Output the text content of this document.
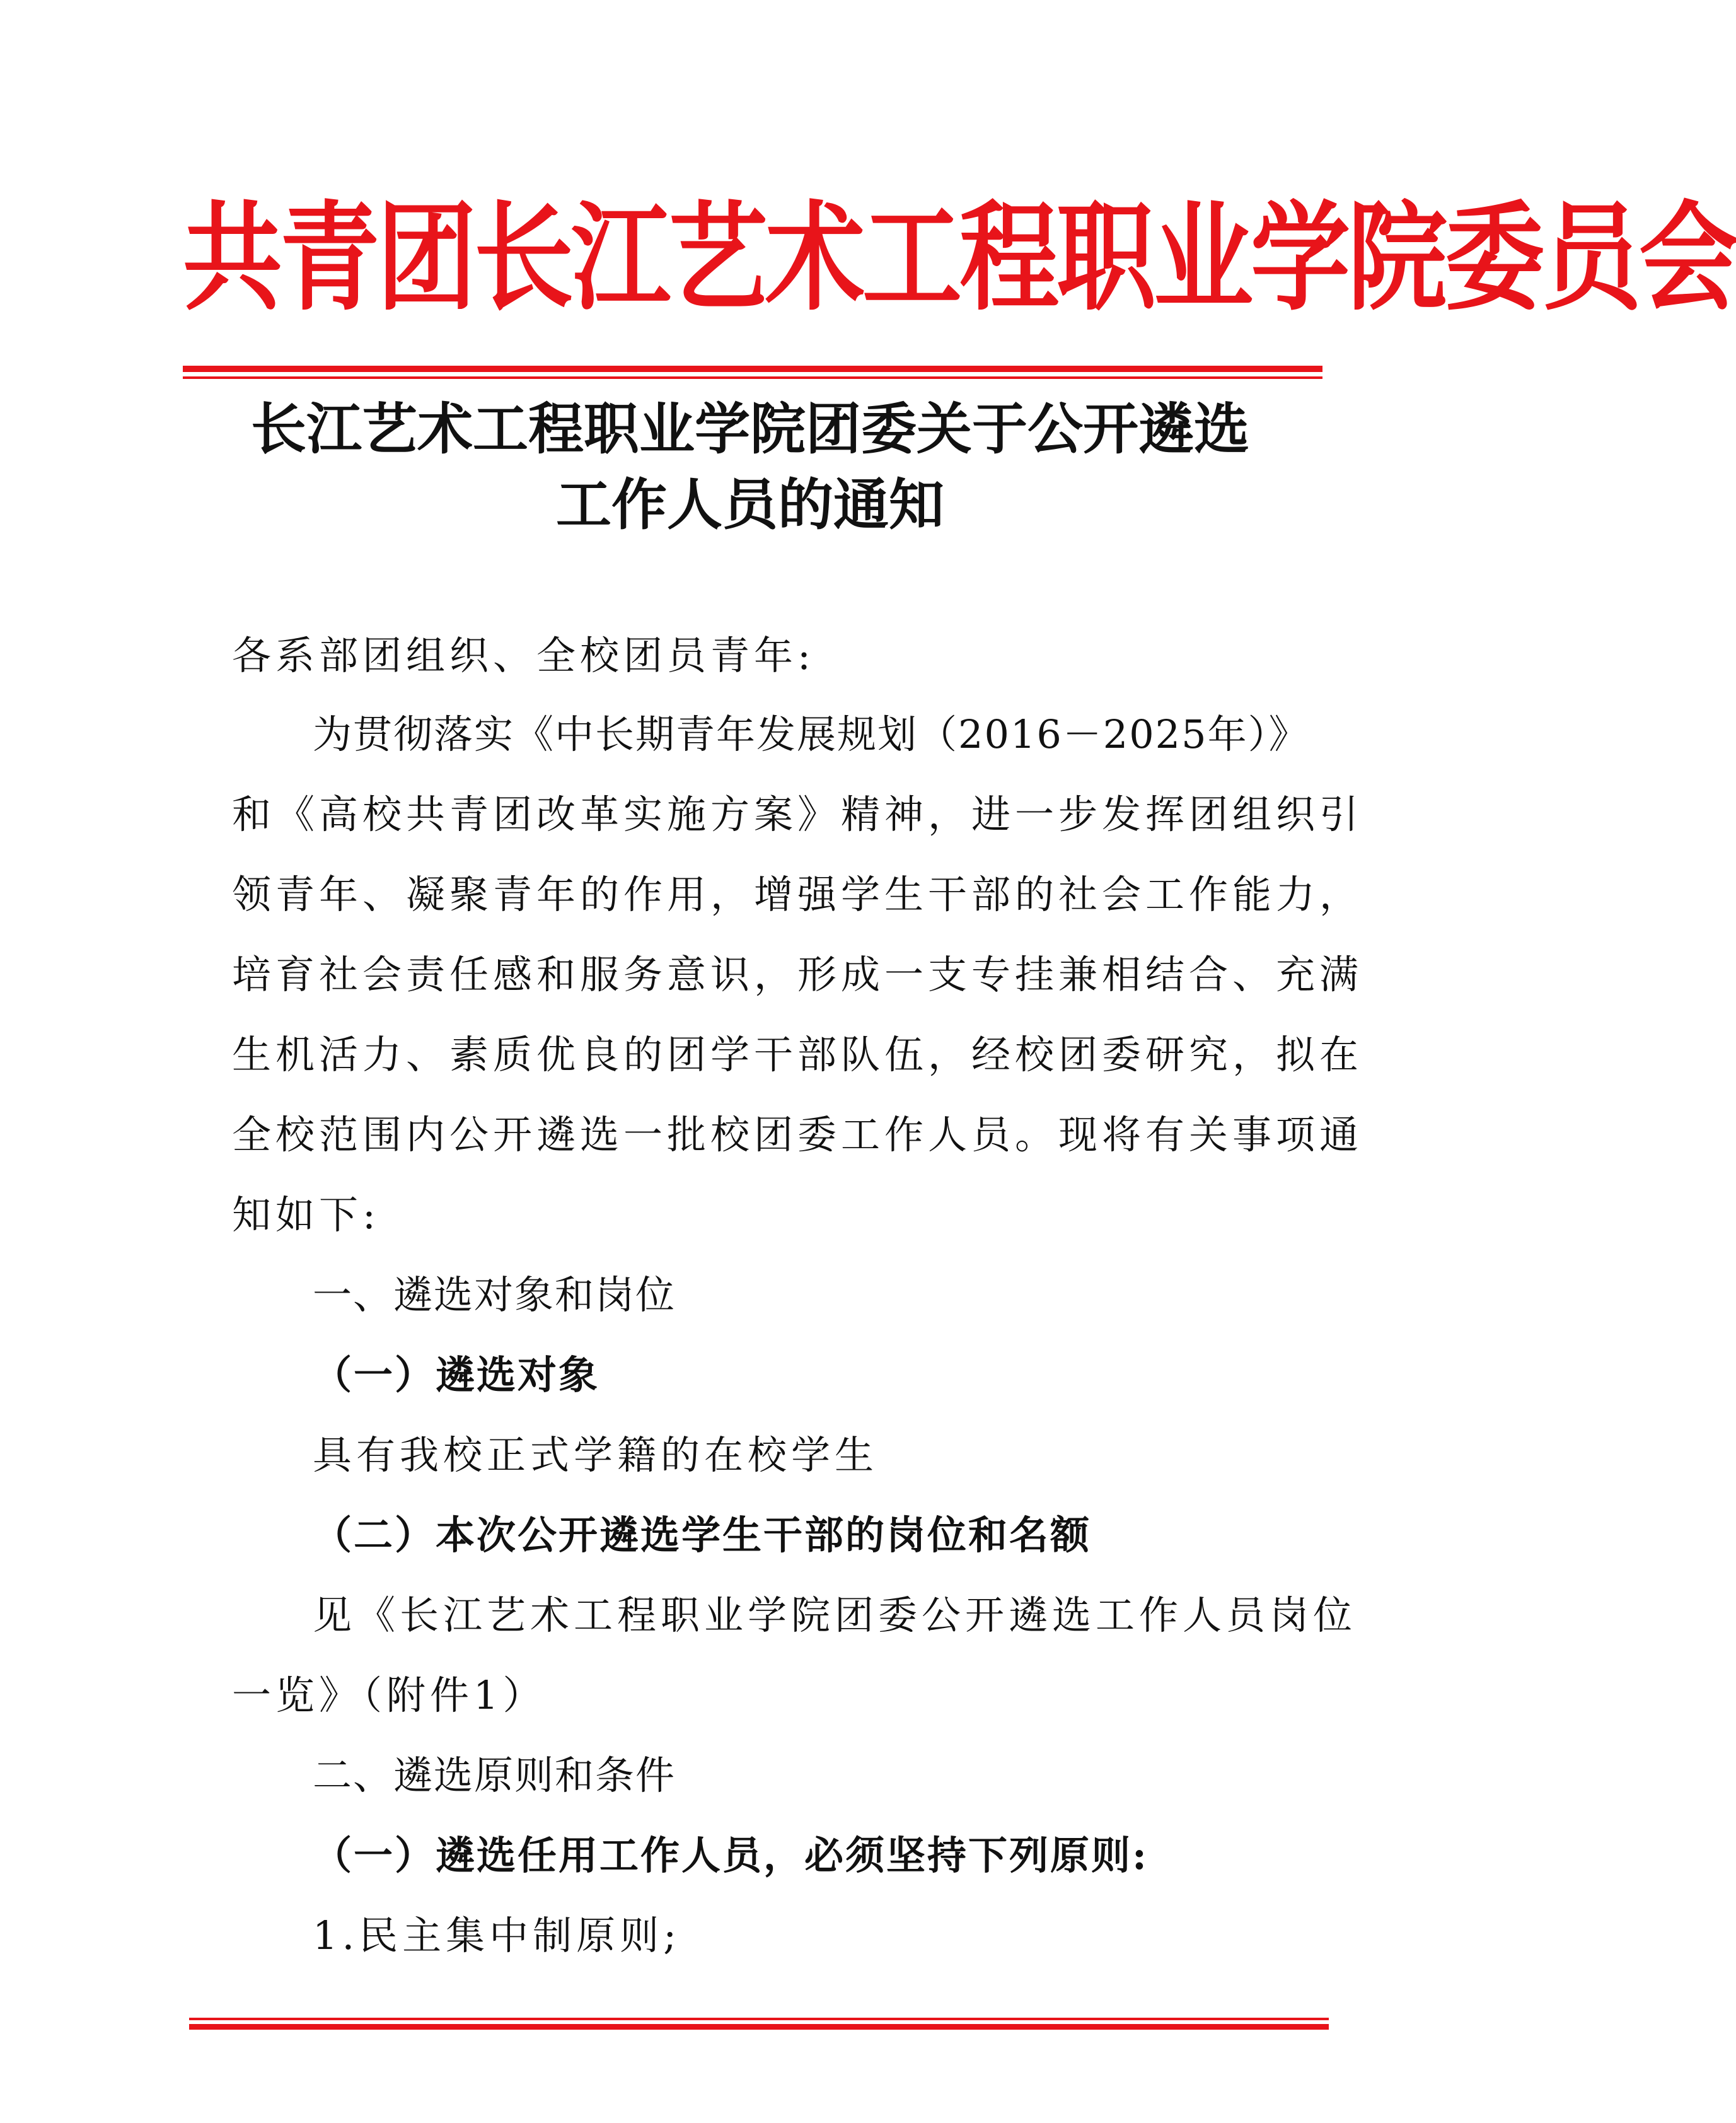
共青团长江艺术工程职业学院委员会
长江艺术工程职业学院团委关于公开遴选
工作人员的通知

各系部团组织、全校团员青年:

为贯彻落实《中长期青年发展规划（2016－2025年）》

和《高校共青团改革实施方案》精神，进一步发挥团组织引

领青年、凝聚青年的作用，增强学生干部的社会工作能力，

培育社会责任感和服务意识，形成一支专挂兼相结合、充满

生机活力、素质优良的团学干部队伍，经校团委研究，拟在

全校范围内公开遴选一批校团委工作人员。现将有关事项通

知如下:

一、遴选对象和岗位

（一）遴选对象

具有我校正式学籍的在校学生

（二）本次公开遴选学生干部的岗位和名额

见《长江艺术工程职业学院团委公开遴选工作人员岗位

一览》（附件1）

二、遴选原则和条件

（一）遴选任用工作人员，必须坚持下列原则:

1.民主集中制原则;
